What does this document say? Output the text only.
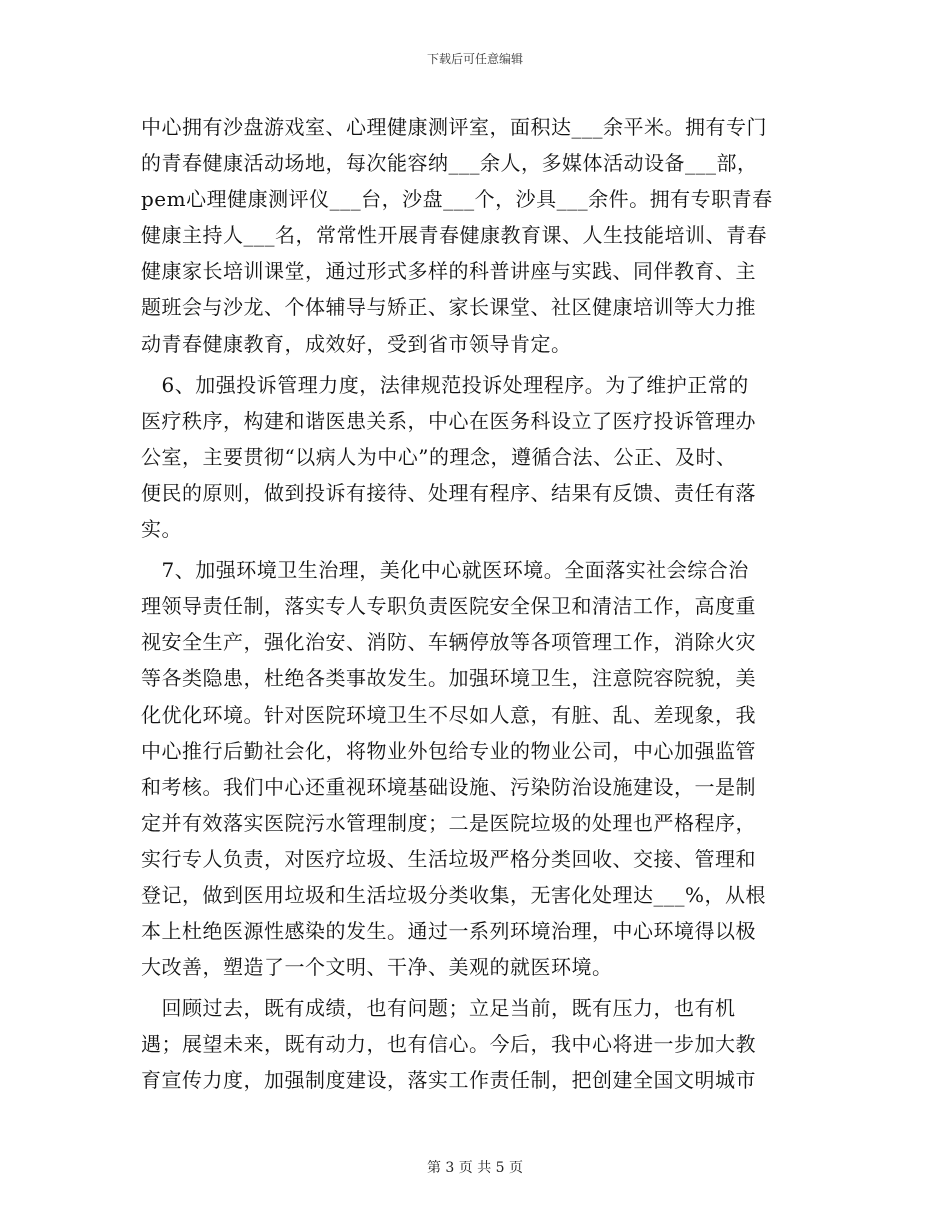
下载后可任意编辑
中心拥有沙盘游戏室、心理健康测评室，面积达___余平米。拥有专门
的青春健康活动场地，每次能容纳___余人，多媒体活动设备___部，
pem心理健康测评仪___台，沙盘___个，沙具___余件。拥有专职青春
健康主持人___名，常常性开展青春健康教育课、人生技能培训、青春
健康家长培训课堂，通过形式多样的科普讲座与实践、同伴教育、主
题班会与沙龙、个体辅导与矫正、家长课堂、社区健康培训等大力推
动青春健康教育，成效好，受到省市领导肯定。
　6、加强投诉管理力度，法律规范投诉处理程序。为了维护正常的
医疗秩序，构建和谐医患关系，中心在医务科设立了医疗投诉管理办
公室，主要贯彻“以病人为中心”的理念，遵循合法、公正、及时、
便民的原则，做到投诉有接待、处理有程序、结果有反馈、责任有落
实。
　7、加强环境卫生治理，美化中心就医环境。全面落实社会综合治
理领导责任制，落实专人专职负责医院安全保卫和清洁工作，高度重
视安全生产，强化治安、消防、车辆停放等各项管理工作，消除火灾
等各类隐患，杜绝各类事故发生。加强环境卫生，注意院容院貌，美
化优化环境。针对医院环境卫生不尽如人意，有脏、乱、差现象，我
中心推行后勤社会化，将物业外包给专业的物业公司，中心加强监管
和考核。我们中心还重视环境基础设施、污染防治设施建设，一是制
定并有效落实医院污水管理制度；二是医院垃圾的处理也严格程序，
实行专人负责，对医疗垃圾、生活垃圾严格分类回收、交接、管理和
登记，做到医用垃圾和生活垃圾分类收集，无害化处理达___%，从根
本上杜绝医源性感染的发生。通过一系列环境治理，中心环境得以极
大改善，塑造了一个文明、干净、美观的就医环境。
　回顾过去，既有成绩，也有问题；立足当前，既有压力，也有机
遇；展望未来，既有动力，也有信心。今后，我中心将进一步加大教
育宣传力度，加强制度建设，落实工作责任制，把创建全国文明城市
第 3 页 共 5 页
